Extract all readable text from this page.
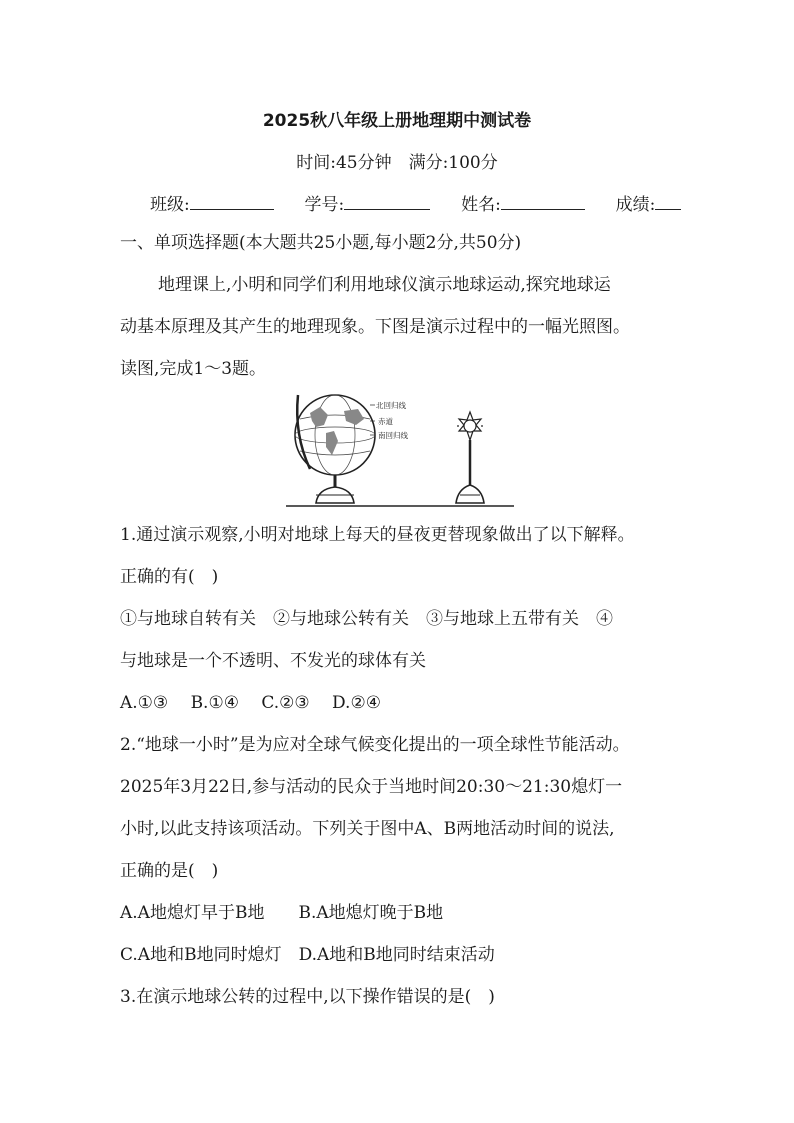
2025秋八年级上册地理期中测试卷
时间:45分钟　满分:100分
班级:	学号:	姓名:	成绩:
一、单项选择题(本大题共25小题,每小题2分,共50分)
地理课上,小明和同学们利用地球仪演示地球运动,探究地球运
动基本原理及其产生的地理现象。下图是演示过程中的一幅光照图。
读图,完成1～3题。
北回归线
赤道
南回归线
1.通过演示观察,小明对地球上每天的昼夜更替现象做出了以下解释。
正确的有(　)
①与地球自转有关　②与地球公转有关　③与地球上五带有关　④
与地球是一个不透明、不发光的球体有关
A.①③　 B.①④　 C.②③　 D.②④
2.“地球一小时”是为应对全球气候变化提出的一项全球性节能活动。
2025年3月22日,参与活动的民众于当地时间20:30～21:30熄灯一
小时,以此支持该项活动。下列关于图中A、B两地活动时间的说法,
正确的是(　)
A.A地熄灯早于B地　　B.A地熄灯晚于B地
C.A地和B地同时熄灯　D.A地和B地同时结束活动
3.在演示地球公转的过程中,以下操作错误的是(　)
